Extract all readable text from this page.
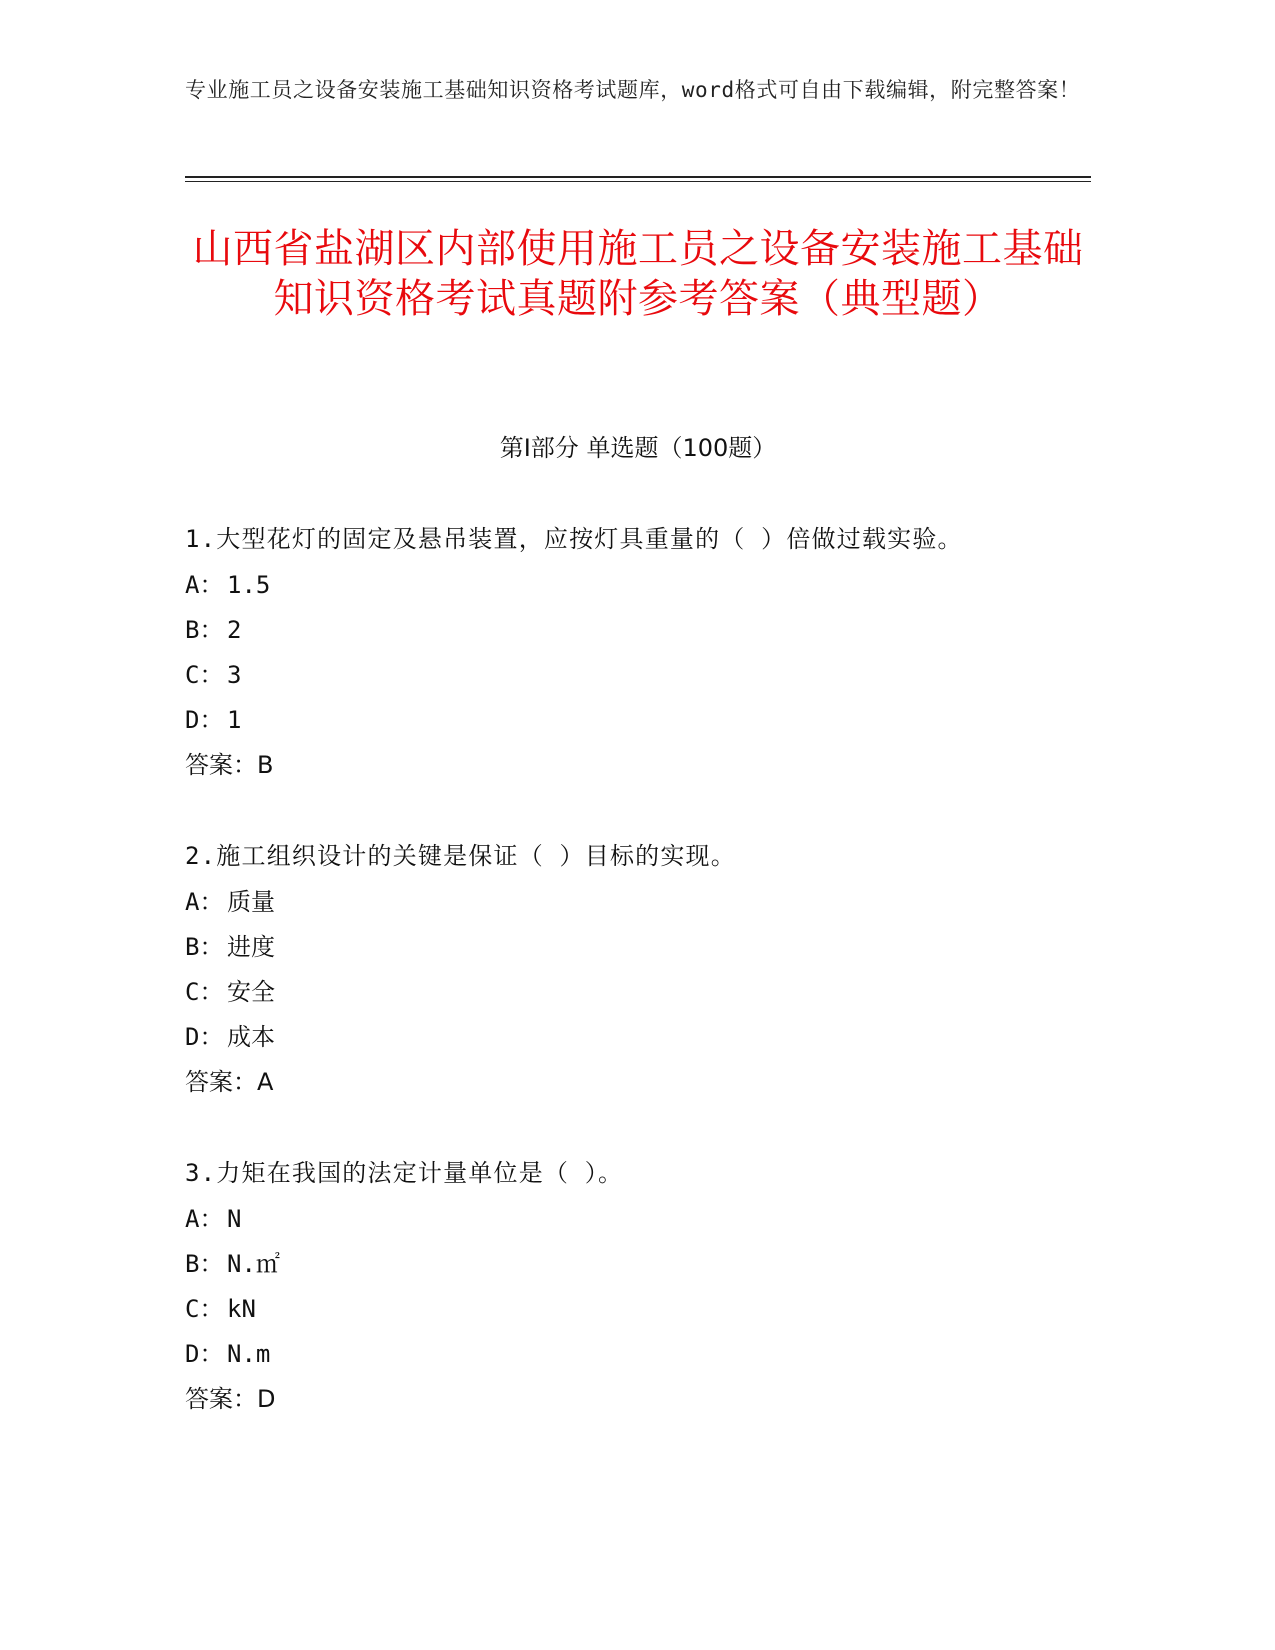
专业施工员之设备安装施工基础知识资格考试题库，word格式可自由下载编辑，附完整答案！
山西省盐湖区内部使用施工员之设备安装施工基础知识资格考试真题附参考答案（典型题）
第Ⅰ部分 单选题（100题）
1.大型花灯的固定及悬吊装置，应按灯具重量的（ ）倍做过载实验。
A： 1.5
B： 2
C： 3
D： 1
答案：B
2.施工组织设计的关键是保证（ ）目标的实现。
A： 质量
B： 进度
C： 安全
D： 成本
答案：A
3.力矩在我国的法定计量单位是（ ）。
A： N
B： N.㎡
C： kN
D： N.m
答案：D
